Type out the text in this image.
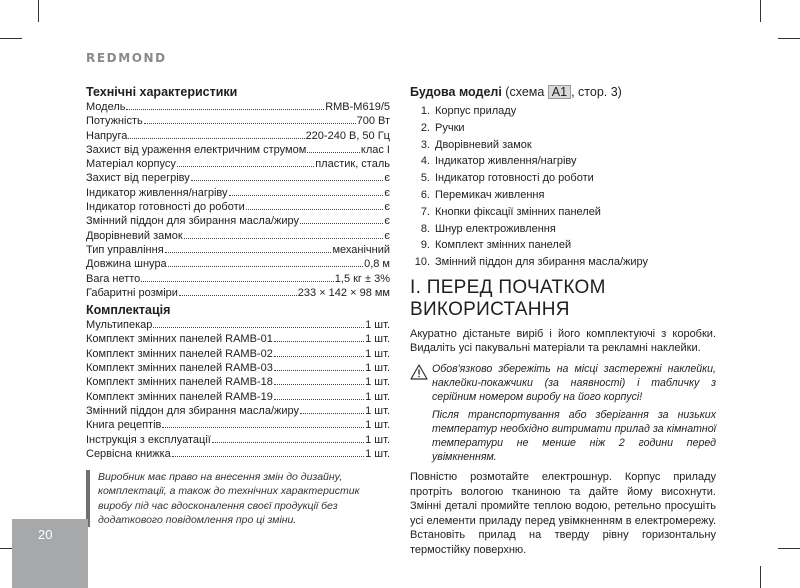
REDMOND
Технічні характеристики
Модель	RMB-M619/5
Потужність	700 Вт
Напруга	220-240 В, 50 Гц
Захист від ураження електричним струмом	клас I
Матеріал корпусу	пластик, сталь
Захист від перегріву	є
Індикатор живлення/нагріву	є
Індикатор готовності до роботи	є
Змінний піддон для збирання масла/жиру	є
Дворівневий замок	є
Тип управління	механічний
Довжина шнура	0,8 м
Вага нетто	1,5 кг ± 3%
Габаритні розміри	233 × 142 × 98 мм
Комплектація
Мультипекар	1 шт.
Комплект змінних панелей RAMB-01	1 шт.
Комплект змінних панелей RAMB-02	1 шт.
Комплект змінних панелей RAMB-03	1 шт.
Комплект змінних панелей RAMB-18	1 шт.
Комплект змінних панелей RAMB-19	1 шт.
Змінний піддон для збирання масла/жиру	1 шт.
Книга рецептів	1 шт.
Інструкція з експлуатації	1 шт.
Сервісна книжка	1 шт.
Виробник має право на внесення змін до дизайну, комплектації, а також до технічних характеристик виробу під час вдосконалення своєї продукції без додаткового повідомлення про ці зміни.
Будова моделі (схема A1 , стор. 3)
1. Корпус приладу
2. Ручки
3. Дворівневий замок
4. Індикатор живлення/нагріву
5. Індикатор готовності до роботи
6. Перемикач живлення
7. Кнопки фіксації змінних панелей
8. Шнур електроживлення
9. Комплект змінних панелей
10. Змінний піддон для збирання масла/жиру
I. ПЕРЕД ПОЧАТКОМ ВИКОРИСТАННЯ

Акуратно дістаньте виріб і його комплектуючі з коробки. Видаліть усі пакувальні матеріали та рекламні наклейки.

Обов'язково збережіть на місці застережні наклейки, наклейки-покажчики (за наявності) і табличку з серійним номером виробу на його корпусі!

Після транспортування або зберігання за низьких температур необхідно витримати прилад за кімнатної температури не менше ніж 2 години перед увімкненням.

Повністю розмотайте електрошнур. Корпус приладу протріть вологою тканиною та дайте йому висохнути. Змінні деталі промийте теплою водою, ретельно просушіть усі елементи приладу перед увімкненням в електромережу. Встановіть прилад на тверду рівну горизонтальну термостійку поверхню.

20
